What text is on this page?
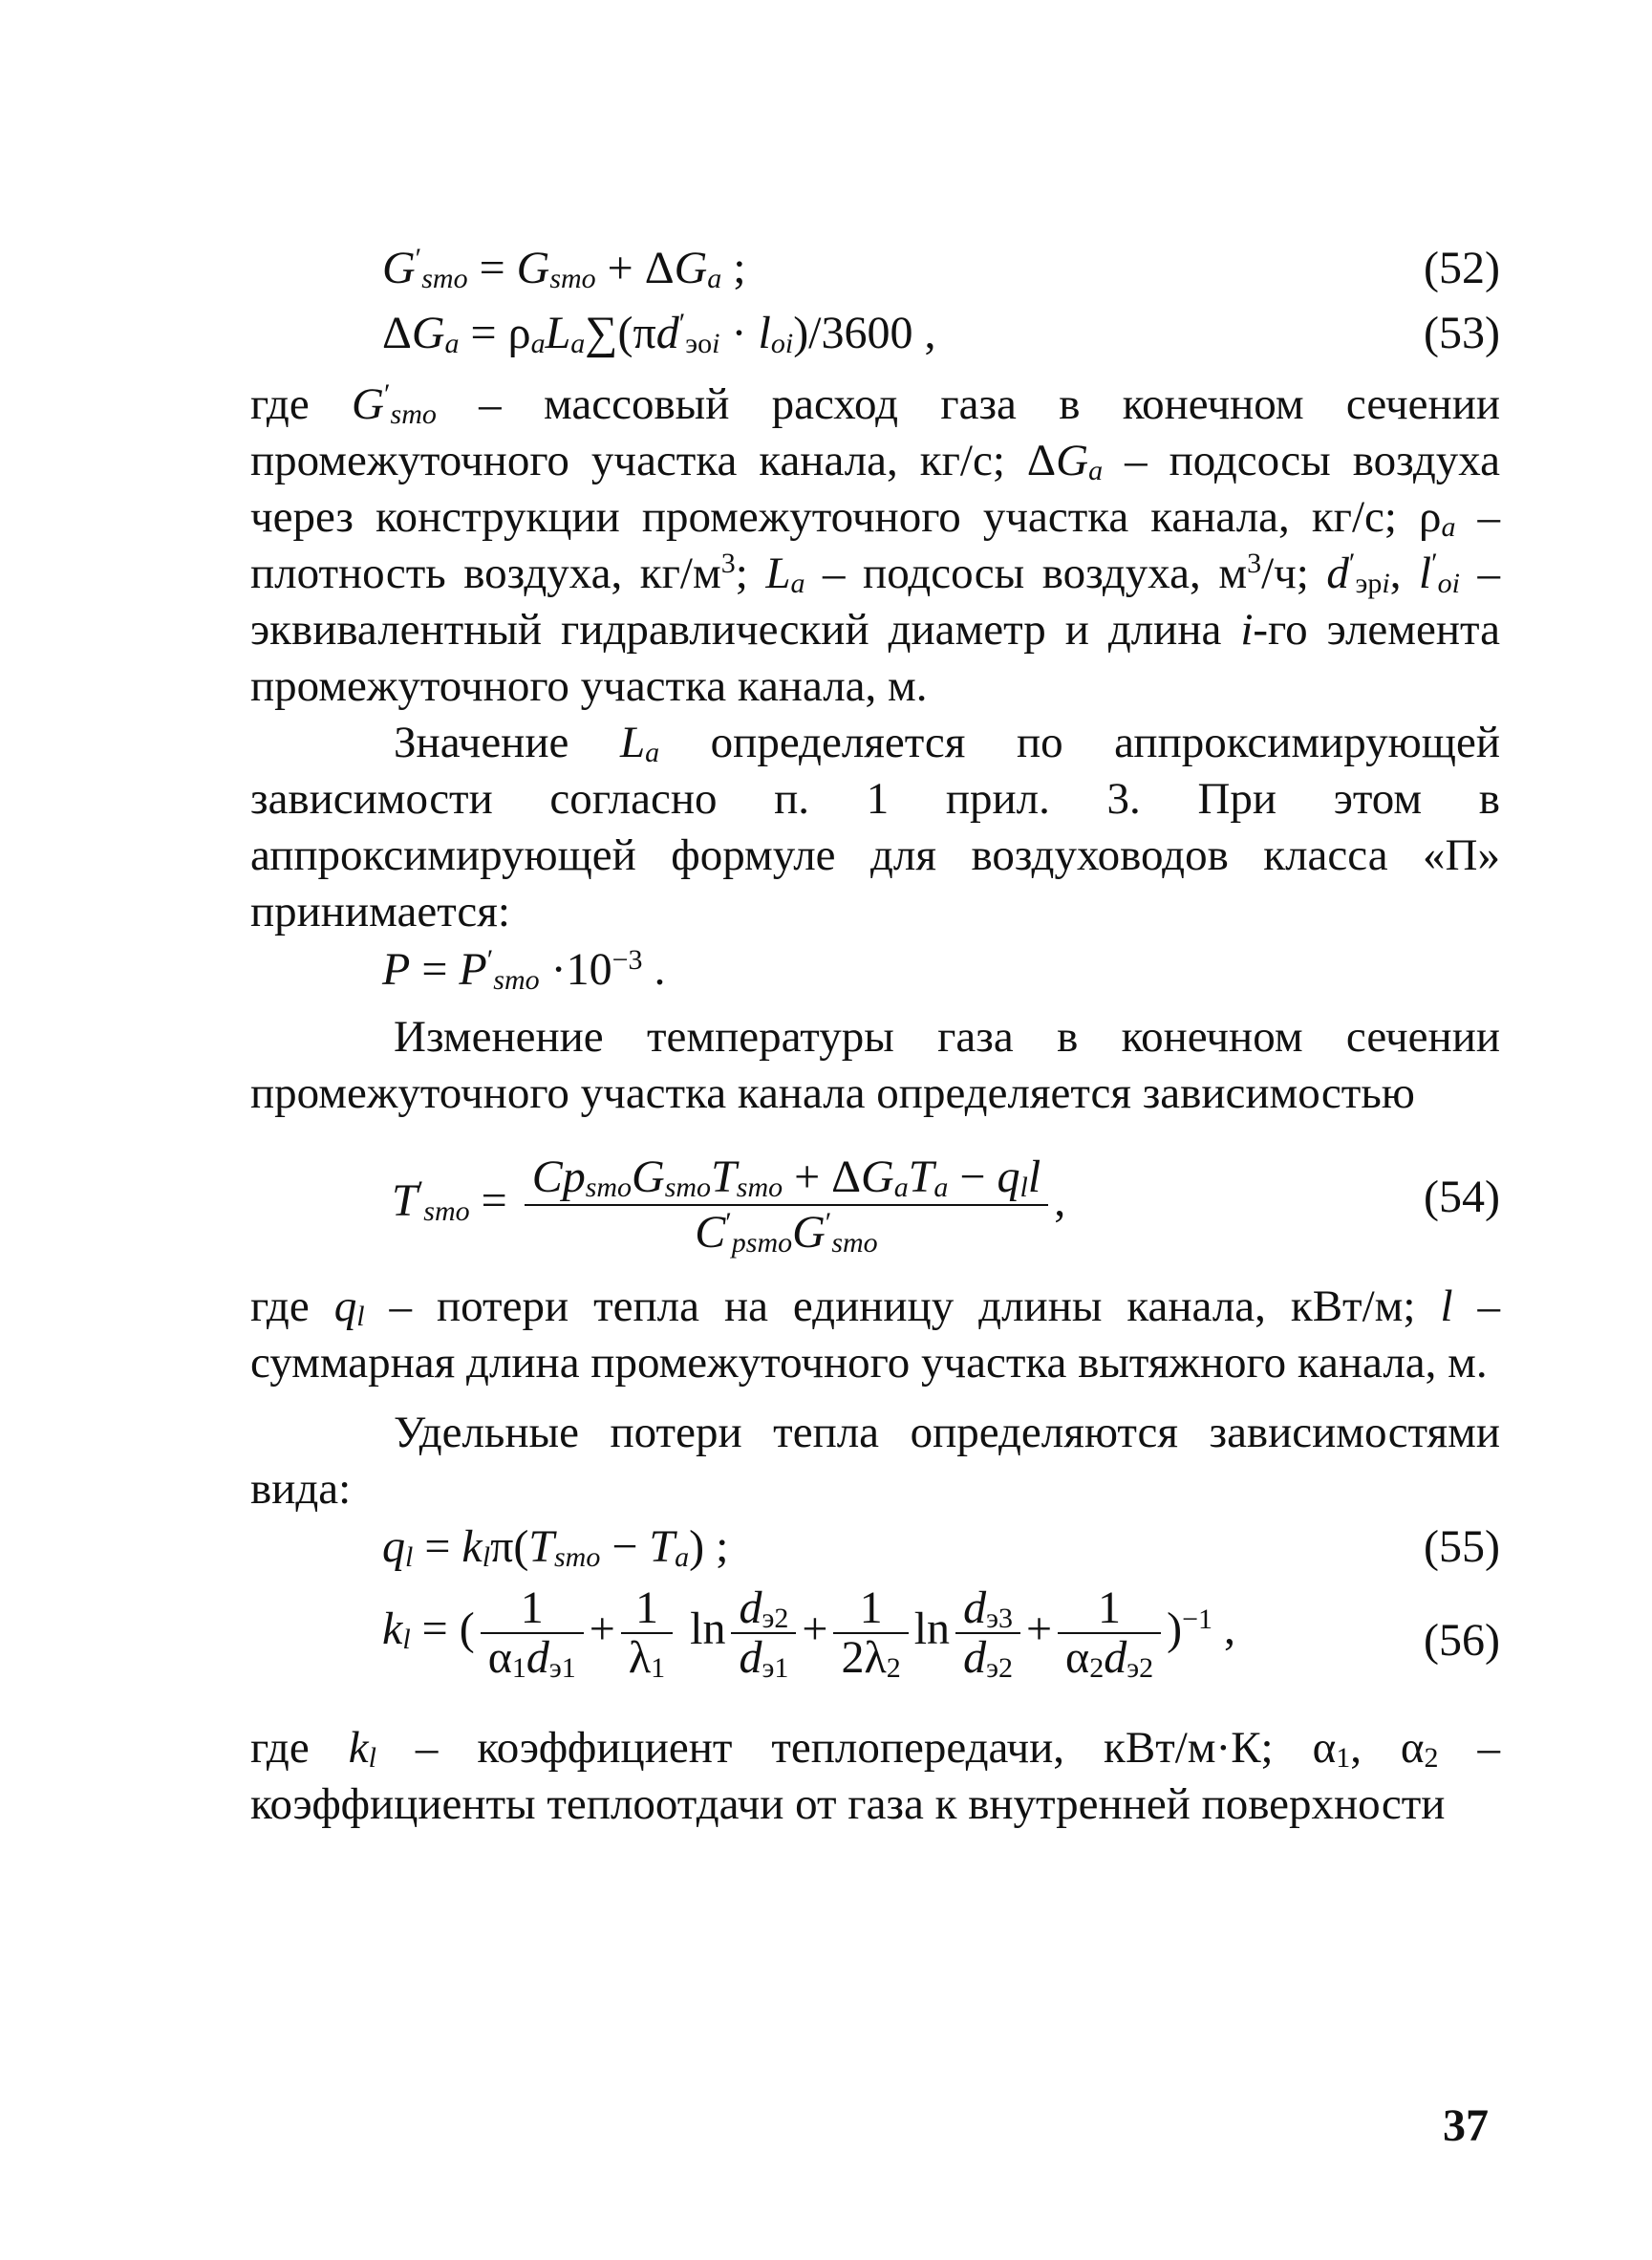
$G'_{smo} = G_{smo} + \Delta G_a$ ;	(52)
$\Delta G_a = \rho_aL_a\sum(\pi d'_{эоi} \cdot l_{oi})/3600$ ,	(53)

где $G'_{smo}$ – массовый расход газа в конечном сечении промежуточного участка канала, кг/с; $\Delta G_a$ – подсосы воздуха через конструкции промежуточного участка канала, кг/с; $\rho_a$ – плотность воздуха, $кг/м^3$; $L_a$ – подсосы воздуха, $м^3/ч$; $d'_{эрi}$, $l'_{oi}$ – эквивалентный гидравлический диаметр и длина i-го элемента промежуточного участка канала, м.

Значение $L_a$ определяется по аппроксимирующей зависимости согласно п. 1 прил. 3. При этом в аппроксимирующей формуле для воздуховодов класса «П» принимается:

$P = P'_{smo} \cdot 10^{-3}$ .

Изменение температуры газа в конечном сечении промежуточного участка канала определяется зависимостью

$T'_{smo} = \frac{Cp_{smo}G_{smo}T_{smo} + \Delta G_aT_a - q_ll}{C'_{psmo}G'_{smo}}$ ,	(54)

где $q_l$ – потери тепла на единицу длины канала, кВт/м; l – суммарная длина промежуточного участка вытяжного канала, м.

Удельные потери тепла определяются зависимостями вида:

$q_l = k_l\pi(T_{smo} - T_a)$ ;	(55)
$k_l$ = ( $\frac{1}{\alpha_1d_{э1}} + \frac{1}{\lambda_1}$ $\ln \frac{d_{э2}}{d_{э1}} + \frac{1}{2\lambda_2}$ $\ln \frac{d_{э3}}{d_{э2}} + \frac{1}{\alpha_2d_{э2}} )^{-1}$ ,	(56)

где $k_l$ – коэффициент теплопередачи, кВт/м·К; $\alpha_1$, $\alpha_2$ – коэффициенты теплоотдачи от газа к внутренней поверхности

37
